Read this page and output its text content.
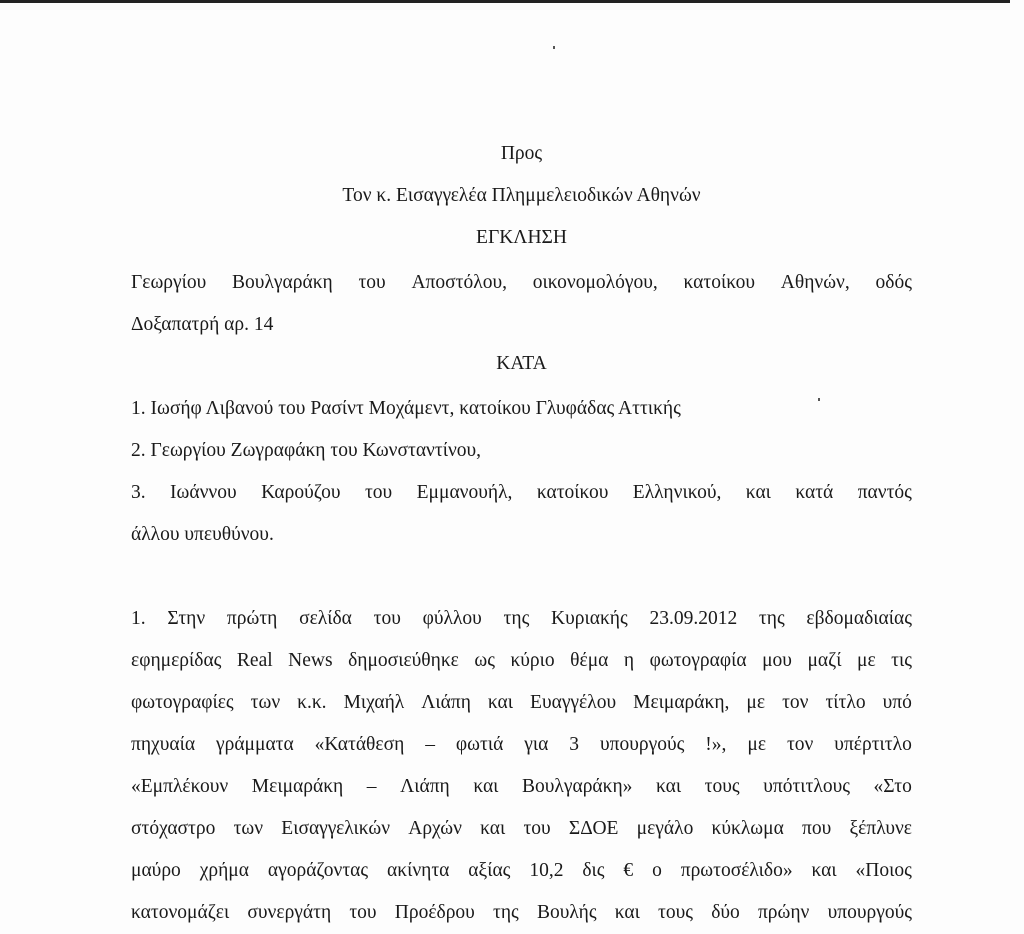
Προς
Τον κ. Εισαγγελέα Πλημμελειοδικών Αθηνών
ΕΓΚΛΗΣΗ
Γεωργίου Βουλγαράκη του Αποστόλου, οικονομολόγου, κατοίκου Αθηνών, οδός
Δοξαπατρή αρ. 14
ΚΑΤΑ
1. Ιωσήφ Λιβανού του Ρασίντ Μοχάμεντ, κατοίκου Γλυφάδας Αττικής
2. Γεωργίου Ζωγραφάκη του Κωνσταντίνου,
3. Ιωάννου Καρούζου του Εμμανουήλ, κατοίκου Ελληνικού, και κατά παντός
άλλου υπευθύνου.
1. Στην πρώτη σελίδα του φύλλου της Κυριακής 23.09.2012 της εβδομαδιαίας
εφημερίδας Real News δημοσιεύθηκε ως κύριο θέμα η φωτογραφία μου μαζί με τις
φωτογραφίες των κ.κ. Μιχαήλ Λιάπη και Ευαγγέλου Μειμαράκη, με τον τίτλο υπό
πηχυαία γράμματα «Κατάθεση – φωτιά για 3 υπουργούς !», με τον υπέρτιτλο
«Εμπλέκουν Μειμαράκη – Λιάπη και Βουλγαράκη» και τους υπότιτλους «Στο
στόχαστρο των Εισαγγελικών Αρχών και του ΣΔΟΕ μεγάλο κύκλωμα που ξέπλυνε
μαύρο χρήμα αγοράζοντας ακίνητα αξίας 10,2 δις € ο πρωτοσέλιδο» και «Ποιος
κατονομάζει συνεργάτη του Προέδρου της Βουλής και τους δύο πρώην υπουργούς
